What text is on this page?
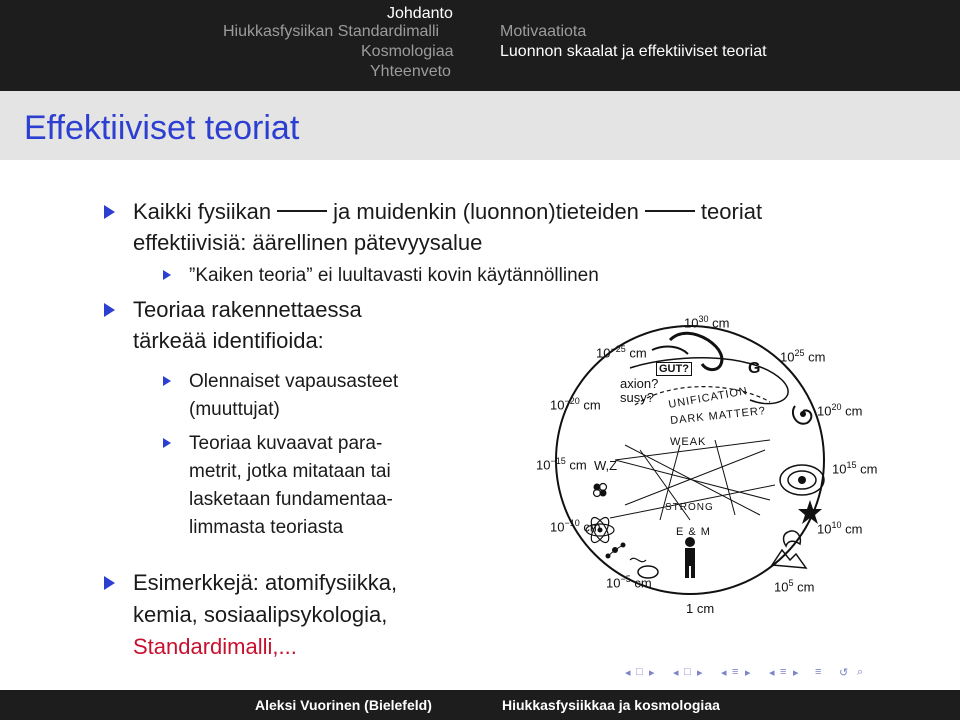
Johdanto
Hiukkasfysiikan Standardimalli
Kosmologiaa
Yhteenveto
Motivaatiota
Luonnon skaalat ja effektiiviset teoriat
Effektiiviset teoriat
Kaikki fysiikan	ja muidenkin (luonnon)tieteiden	teoriat
effektiivisiä: äärellinen pätevyysalue
”Kaiken teoria” ei luultavasti kovin käytännöllinen
Teoriaa rakennettaessa
tärkeää identifioida:
Olennaiset vapausasteet
(muuttujat)
Teoriaa kuvaavat para-
metrit, jotka mitataan tai
lasketaan fundamentaa-
limmasta teoriasta
Esimerkkejä: atomifysiikka,
kemia, sosiaalipsykologia,
Standardimalli,...
$10^{30}$ cm
$10^{-25}$ cm	$10^{25}$ cm
$10^{-20}$ cm	$10^{20}$ cm
$10^{-15}$ cm	$10^{15}$ cm
$10^{-10}$ cm	$10^{10}$ cm
$10^{-5}$ cm	$10^5$ cm
1 cm
GUT?	G
axion?
susy? UNIFICATION
DARK MATTER?
WEAK
W,Z
STRONG
E & M
◂ □ ▸ ◂ □ ▸ ◂ ≡ ▸ ◂ ≡ ▸ ≡ ↺ ⌕
Aleksi Vuorinen (Bielefeld)	Hiukkasfysiikkaa ja kosmologiaa
